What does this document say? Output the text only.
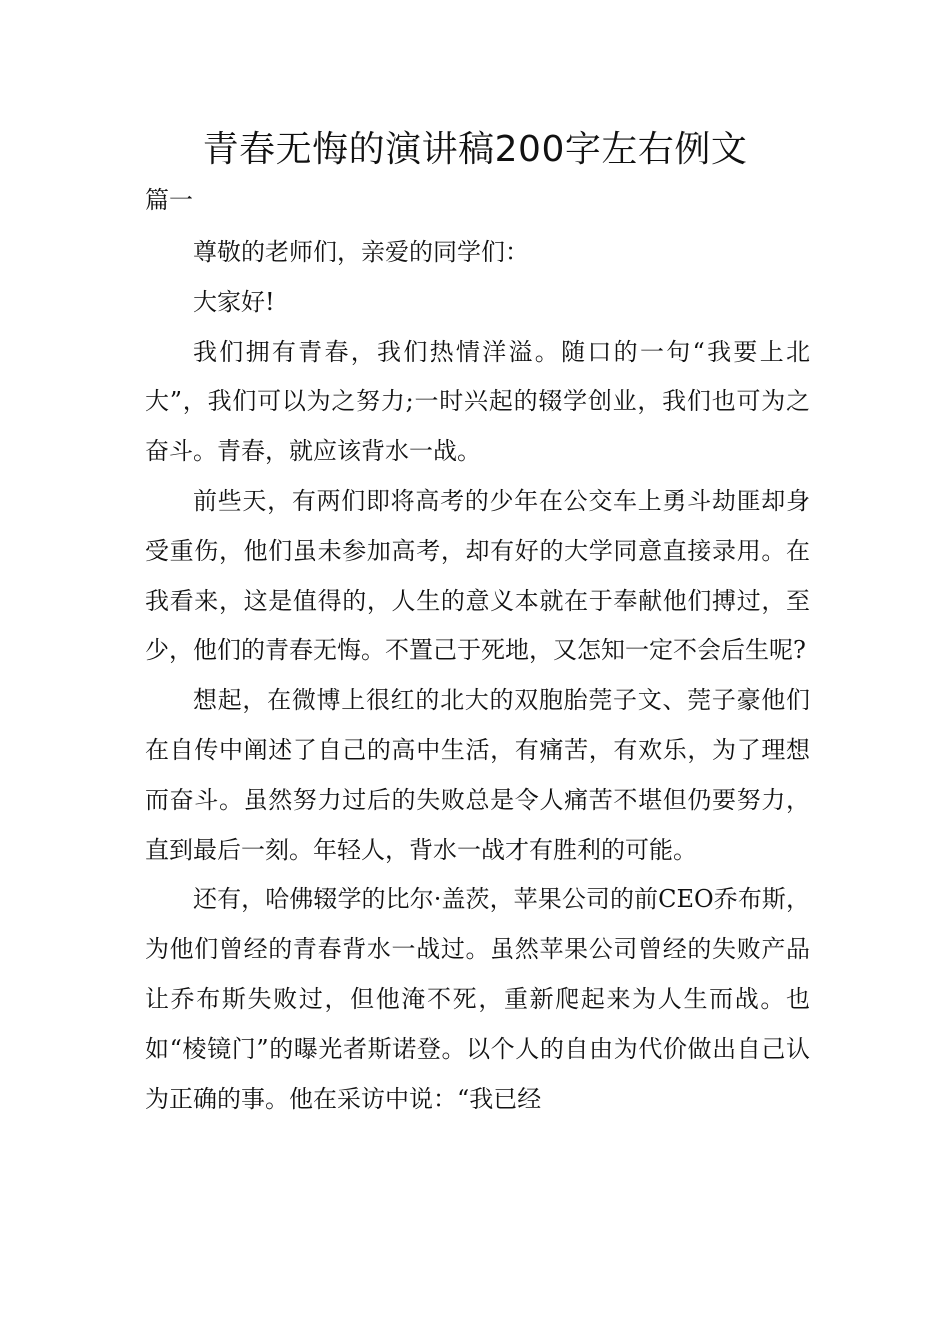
青春无悔的演讲稿200字左右例文

篇一

尊敬的老师们，亲爱的同学们：

大家好!

我们拥有青春，我们热情洋溢。随口的一句“我要上北大”，我们可以为之努力;一时兴起的辍学创业，我们也可为之奋斗。青春，就应该背水一战。

前些天，有两们即将高考的少年在公交车上勇斗劫匪却身受重伤，他们虽未参加高考，却有好的大学同意直接录用。在我看来，这是值得的，人生的意义本就在于奉献他们搏过，至少，他们的青春无悔。不置己于死地，又怎知一定不会后生呢?

想起，在微博上很红的北大的双胞胎莞子文、莞子豪他们在自传中阐述了自己的高中生活，有痛苦，有欢乐，为了理想而奋斗。虽然努力过后的失败总是令人痛苦不堪但仍要努力，直到最后一刻。年轻人，背水一战才有胜利的可能。

还有，哈佛辍学的比尔·盖茨，苹果公司的前CEO乔布斯，为他们曾经的青春背水一战过。虽然苹果公司曾经的失败产品让乔布斯失败过，但他淹不死，重新爬起来为人生而战。也如“棱镜门”的曝光者斯诺登。以个人的自由为代价做出自己认为正确的事。他在采访中说：“我已经
